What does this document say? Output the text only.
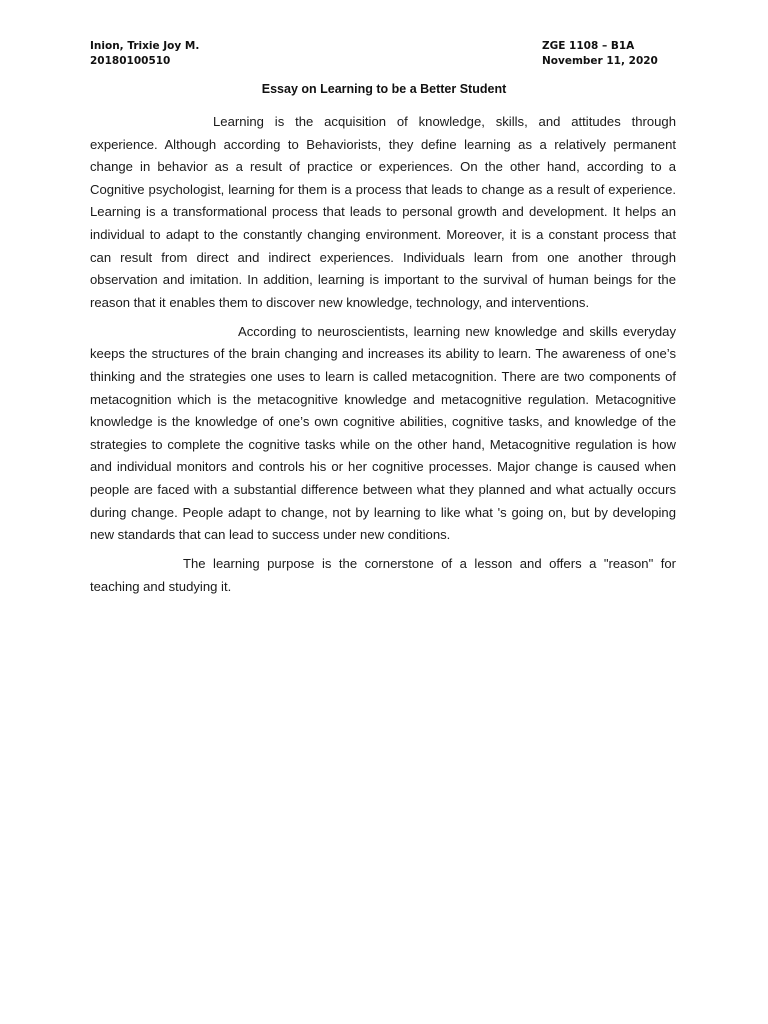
Inion, Trixie Joy M.
20180100510
ZGE 1108 – B1A
November 11, 2020
Essay on Learning to be a Better Student

Learning is the acquisition of knowledge, skills, and attitudes through experience. Although according to Behaviorists, they define learning as a relatively permanent change in behavior as a result of practice or experiences. On the other hand, according to a Cognitive psychologist, learning for them is a process that leads to change as a result of experience. Learning is a transformational process that leads to personal growth and development. It helps an individual to adapt to the constantly changing environment. Moreover, it is a constant process that can result from direct and indirect experiences. Individuals learn from one another through observation and imitation. In addition, learning is important to the survival of human beings for the reason that it enables them to discover new knowledge, technology, and interventions.

According to neuroscientists, learning new knowledge and skills everyday keeps the structures of the brain changing and increases its ability to learn. The awareness of one’s thinking and the strategies one uses to learn is called metacognition. There are two components of metacognition which is the metacognitive knowledge and metacognitive regulation. Metacognitive knowledge is the knowledge of one’s own cognitive abilities, cognitive tasks, and knowledge of the strategies to complete the cognitive tasks while on the other hand, Metacognitive regulation is how and individual monitors and controls his or her cognitive processes. Major change is caused when people are faced with a substantial difference between what they planned and what actually occurs during change. People adapt to change, not by learning to like what 's going on, but by developing new standards that can lead to success under new conditions.

The learning purpose is the cornerstone of a lesson and offers a "reason" for teaching and studying it.
